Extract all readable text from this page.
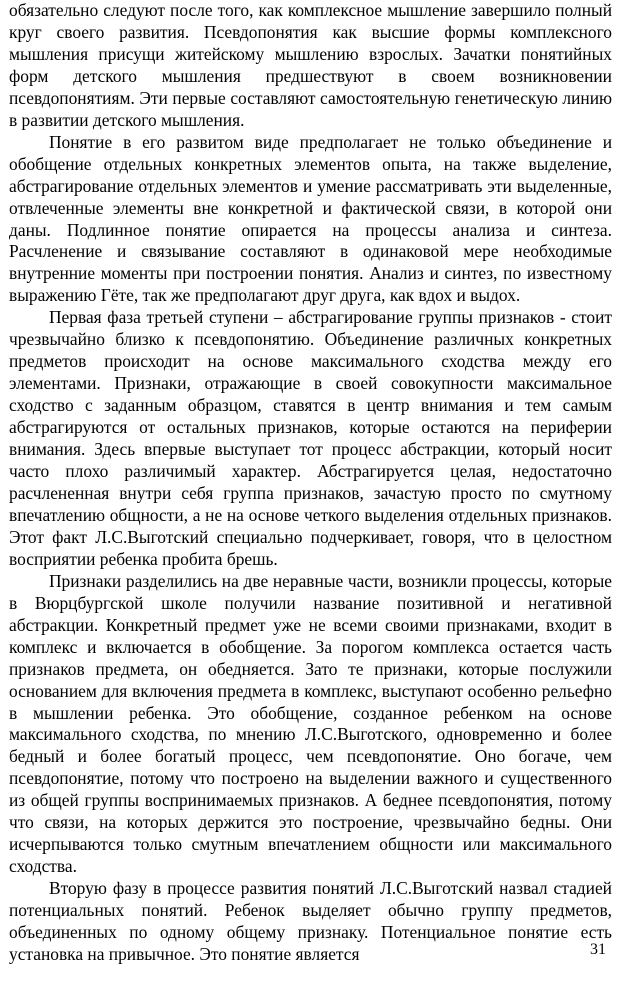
обязательно следуют после того, как комплексное мышление завершило полный круг своего развития. Псевдопонятия как высшие формы комплексного мышления присущи житейскому мышлению взрослых. Зачатки понятийных форм детского мышления предшествуют в своем возникновении псевдопонятиям. Эти первые составляют самостоятельную генетическую линию в развитии детского мышления.

Понятие в его развитом виде предполагает не только объединение и обобщение отдельных конкретных элементов опыта, на также выделение, абстрагирование отдельных элементов и умение рассматривать эти выделенные, отвлеченные элементы вне конкретной и фактической связи, в которой они даны. Подлинное понятие опирается на процессы анализа и синтеза. Расчленение и связывание составляют в одинаковой мере необходимые внутренние моменты при построении понятия. Анализ и синтез, по известному выражению Гёте, так же предполагают друг друга, как вдох и выдох.

Первая фаза третьей ступени – абстрагирование группы признаков - стоит чрезвычайно близко к псевдопонятию. Объединение различных конкретных предметов происходит на основе максимального сходства между его элементами. Признаки, отражающие в своей совокупности максимальное сходство с заданным образцом, ставятся в центр внимания и тем самым абстрагируются от остальных признаков, которые остаются на периферии внимания. Здесь впервые выступает тот процесс абстракции, который носит часто плохо различимый характер. Абстрагируется целая, недостаточно расчлененная внутри себя группа признаков, зачастую просто по смутному впечатлению общности, а не на основе четкого выделения отдельных признаков. Этот факт Л.С.Выготский специально подчеркивает, говоря, что в целостном восприятии ребенка пробита брешь.

Признаки разделились на две неравные части, возникли процессы, которые в Вюрцбургской школе получили название позитивной и негативной абстракции. Конкретный предмет уже не всеми своими признаками, входит в комплекс и включается в обобщение. За порогом комплекса остается часть признаков предмета, он обедняется. Зато те признаки, которые послужили основанием для включения предмета в комплекс, выступают особенно рельефно в мышлении ребенка. Это обобщение, созданное ребенком на основе максимального сходства, по мнению Л.С.Выготского, одновременно и более бедный и более богатый процесс, чем псевдопонятие. Оно богаче, чем псевдопонятие, потому что построено на выделении важного и существенного из общей группы воспринимаемых признаков. А беднее псевдопонятия, потому что связи, на которых держится это построение, чрезвычайно бедны. Они исчерпываются только смутным впечатлением общности или максимального сходства.

Вторую фазу в процессе развития понятий Л.С.Выготский назвал стадией потенциальных понятий. Ребенок выделяет обычно группу предметов, объединенных по одному общему признаку. Потенциальное понятие есть установка на привычное. Это понятие является	31
